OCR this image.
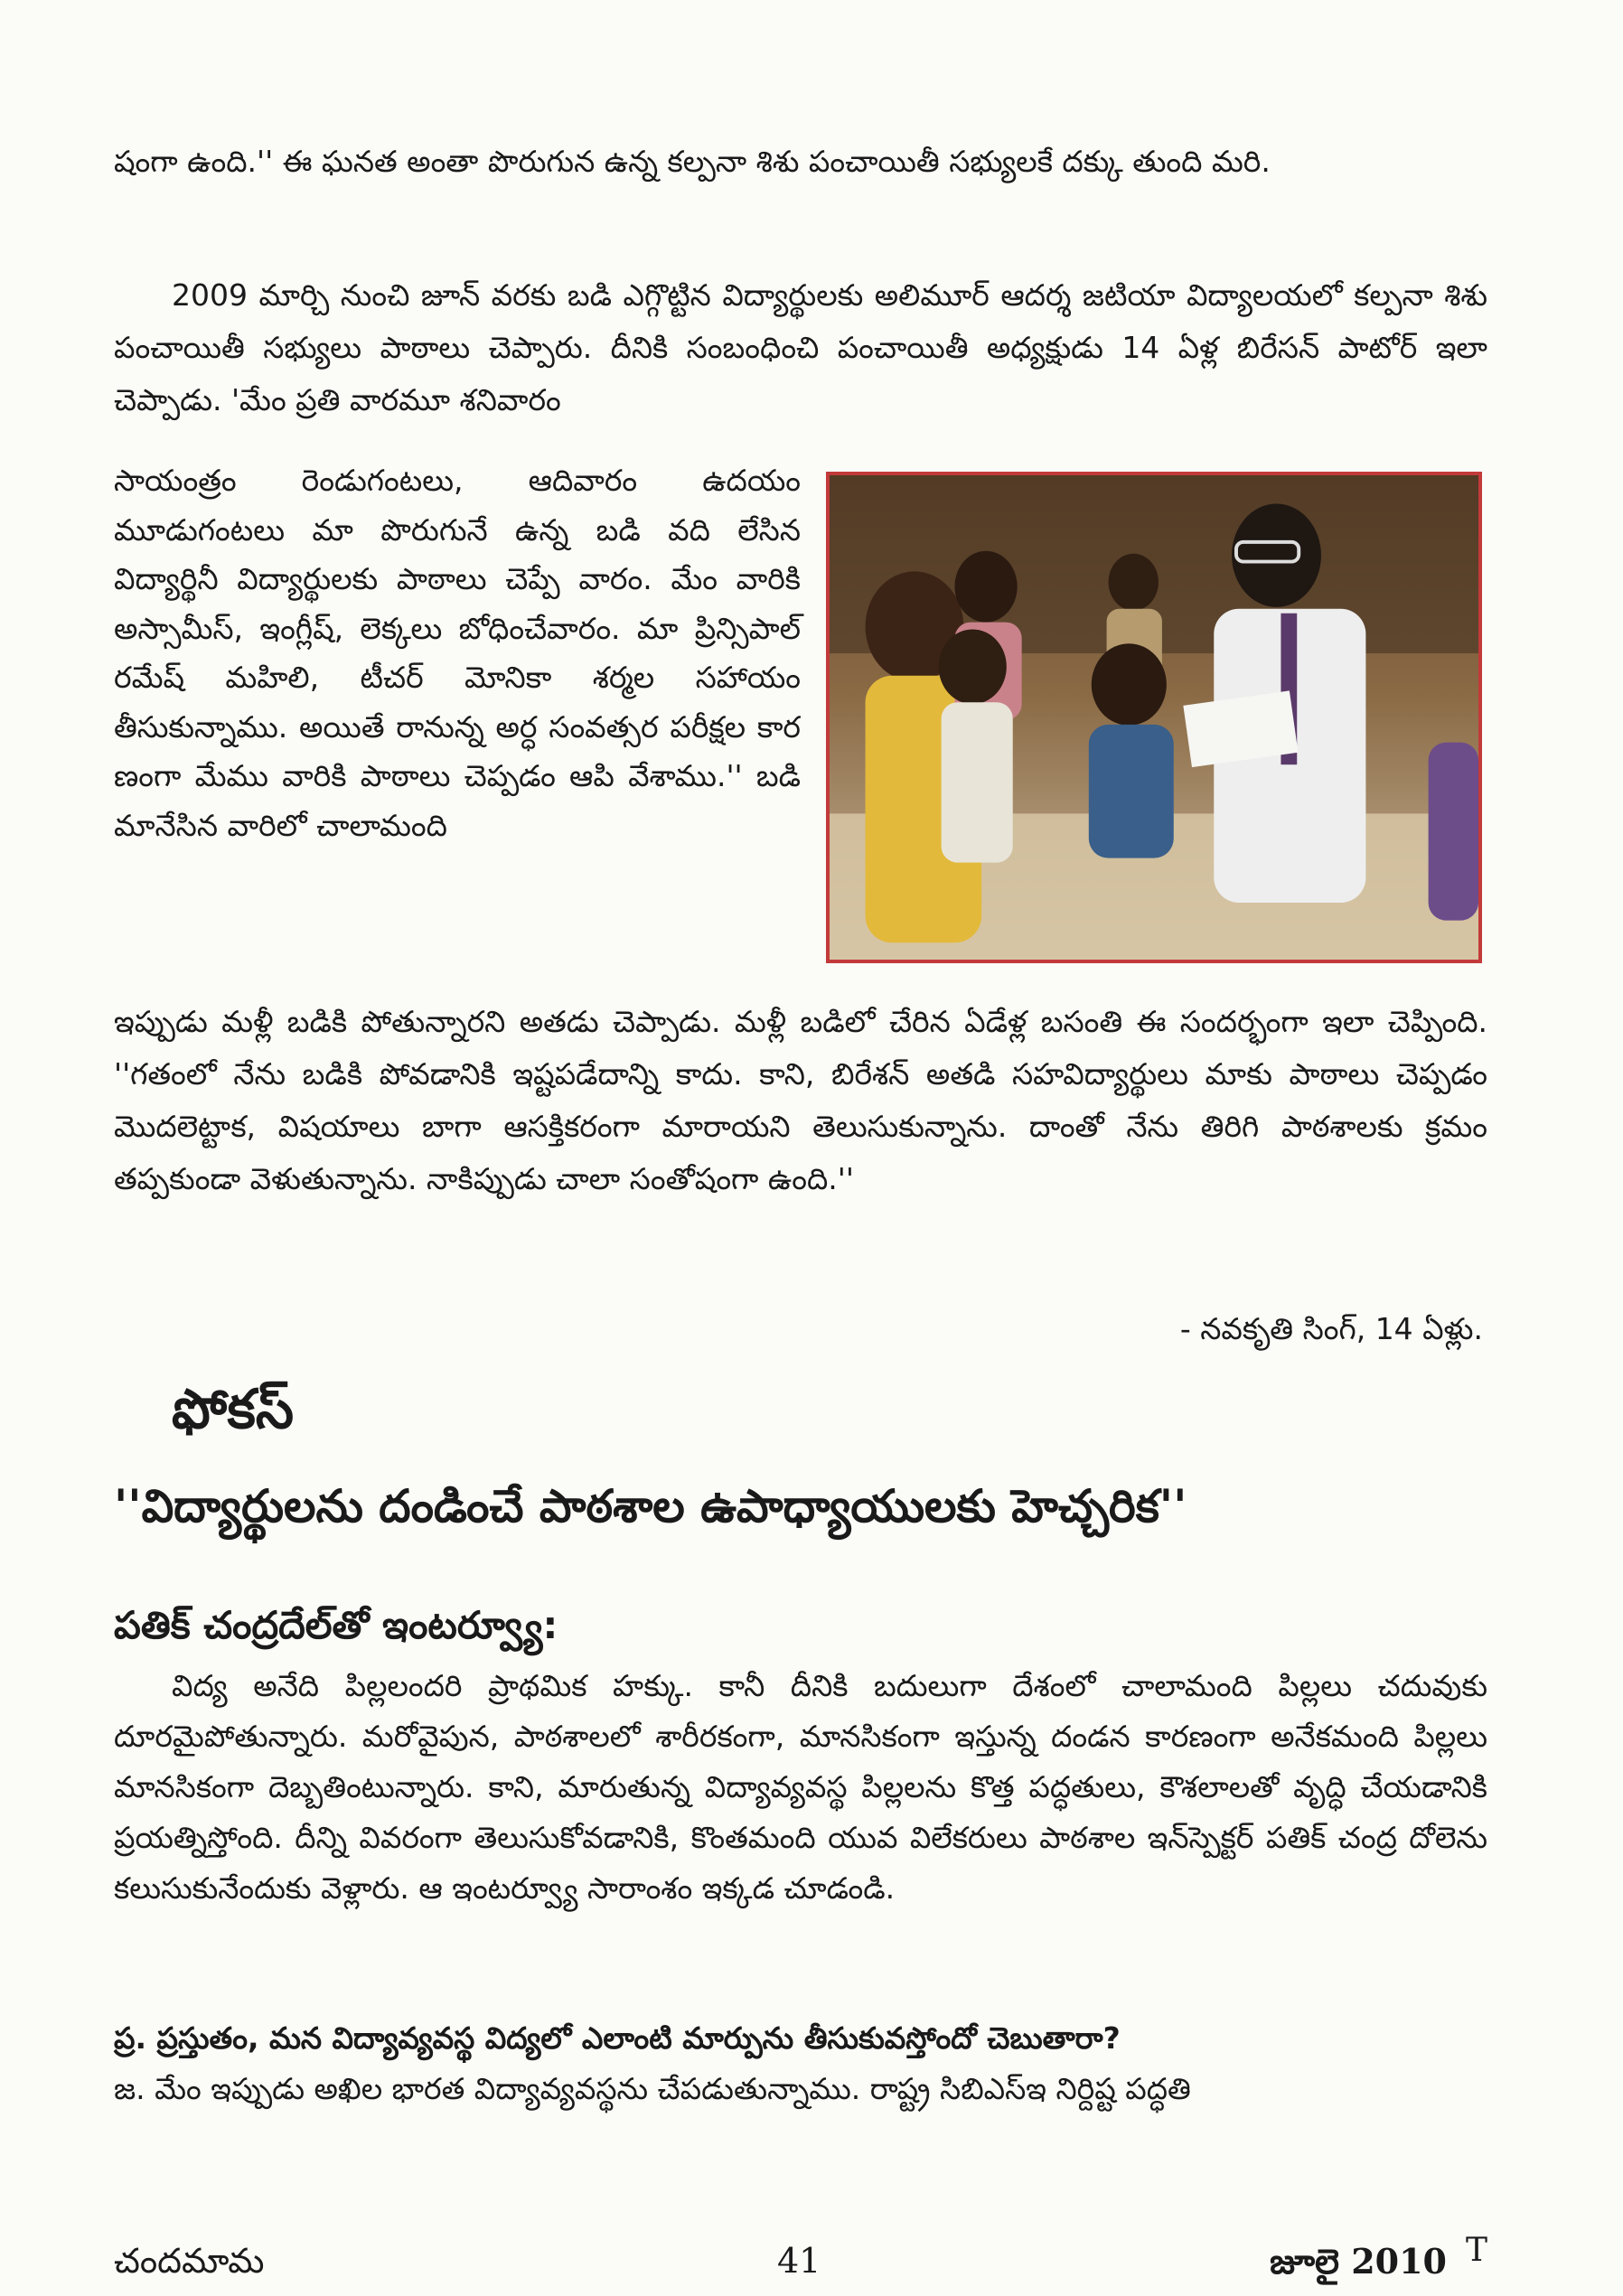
షంగా ఉంది.'' ఈ ఘనత అంతా పొరుగున ఉన్న కల్పనా శిశు పంచాయితీ సభ్యులకే దక్కు తుంది మరి.

2009 మార్చి నుంచి జూన్ వరకు బడి ఎగ్గొట్టిన విద్యార్థులకు అలిమూర్ ఆదర్శ జటియా విద్యాలయలో కల్పనా శిశు పంచాయితీ సభ్యులు పాఠాలు చెప్పారు. దీనికి సంబంధించి పంచాయితీ అధ్యక్షుడు 14 ఏళ్ల బిరేసన్ పాటోర్ ఇలా చెప్పాడు. 'మేం ప్రతి వారమూ శనివారం

సాయంత్రం రెండుగంటలు, ఆదివారం ఉదయం మూడుగంటలు మా పొరుగునే ఉన్న బడి వది లేసిన విద్యార్థినీ విద్యార్థులకు పాఠాలు చెప్పే వారం. మేం వారికి అస్సామీస్, ఇంగ్లీష్, లెక్కలు బోధించేవారం. మా ప్రిన్సిపాల్ రమేష్ మహిలి, టీచర్ మోనికా శర్మల సహాయం తీసుకున్నాము. అయితే రానున్న అర్ధ సంవత్సర పరీక్షల కార ణంగా మేము వారికి పాఠాలు చెప్పడం ఆపి వేశాము.'' బడి మానేసిన వారిలో చాలామంది

ఇప్పుడు మళ్లీ బడికి పోతున్నారని అతడు చెప్పాడు. మళ్లీ బడిలో చేరిన ఏడేళ్ల బసంతి ఈ సందర్భంగా ఇలా చెప్పింది. ''గతంలో నేను బడికి పోవడానికి ఇష్టపడేదాన్ని కాదు. కాని, బిరేశన్ అతడి సహవిద్యార్థులు మాకు పాఠాలు చెప్పడం మొదలెట్టాక, విషయాలు బాగా ఆసక్తికరంగా మారాయని తెలుసుకున్నాను. దాంతో నేను తిరిగి పాఠశాలకు క్రమం తప్పకుండా వెళుతున్నాను. నాకిప్పుడు చాలా సంతోషంగా ఉంది.''

- నవకృతి సింగ్, 14 ఏళ్లు.

ఫోకస్
''విద్యార్థులను దండించే పాఠశాల ఉపాధ్యాయులకు హెచ్చరిక''
పతిక్ చంద్రదేల్‌తో ఇంటర్వ్యూ:

విద్య అనేది పిల్లలందరి ప్రాథమిక హక్కు. కానీ దీనికి బదులుగా దేశంలో చాలామంది పిల్లలు చదువుకు దూరమైపోతున్నారు. మరోవైపున, పాఠశాలలో శారీరకంగా, మానసికంగా ఇస్తున్న దండన కారణంగా అనేకమంది పిల్లలు మానసికంగా దెబ్బతింటున్నారు. కాని, మారుతున్న విద్యావ్యవస్థ పిల్లలను కొత్త పద్ధతులు, కౌశలాలతో వృద్ధి చేయడానికి ప్రయత్నిస్తోంది. దీన్ని వివరంగా తెలుసుకోవడానికి, కొంతమంది యువ విలేకరులు పాఠశాల ఇన్‌స్పెక్టర్ పతిక్ చంద్ర దోలెను కలుసుకునేందుకు వెళ్లారు. ఆ ఇంటర్వ్యూ సారాంశం ఇక్కడ చూడండి.

ప్ర. ప్రస్తుతం, మన విద్యావ్యవస్థ విద్యలో ఎలాంటి మార్పును తీసుకువస్తోందో చెబుతారా?

జ. మేం ఇప్పుడు అఖిల భారత విద్యావ్యవస్థను చేపడుతున్నాము. రాష్ట్ర సిబిఎస్ఇ నిర్దిష్ట పద్ధతి

చందమామ	41	జూలై 2010 T
